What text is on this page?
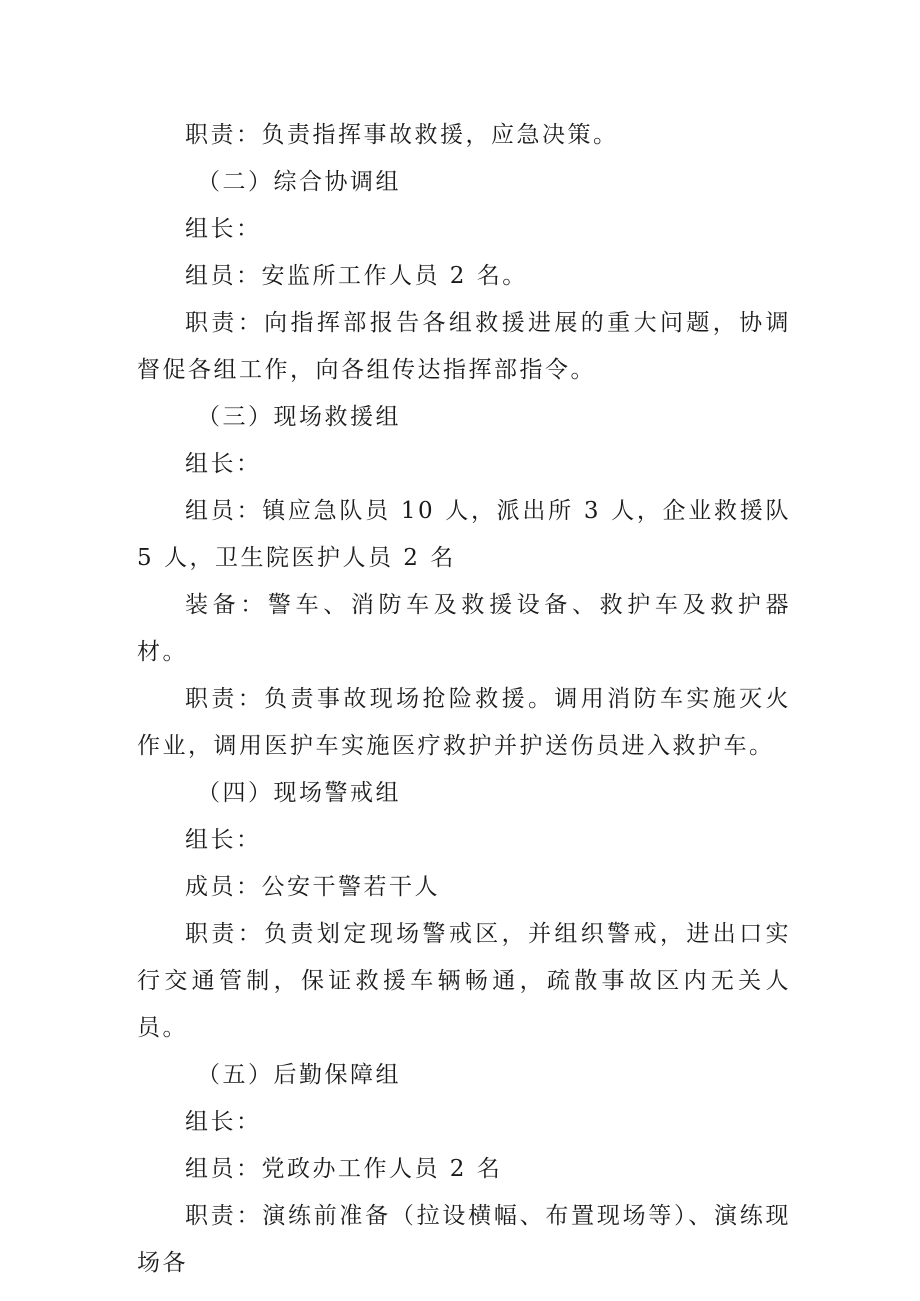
职责：负责指挥事故救援，应急决策。

（二）综合协调组

组长：

组员：安监所工作人员 2 名。

职责：向指挥部报告各组救援进展的重大问题，协调督促各组工作，向各组传达指挥部指令。

（三）现场救援组

组长：

组员：镇应急队员 10 人，派出所 3 人，企业救援队 5 人，卫生院医护人员 2 名

装备：警车、消防车及救援设备、救护车及救护器材。

职责：负责事故现场抢险救援。调用消防车实施灭火作业，调用医护车实施医疗救护并护送伤员进入救护车。

（四）现场警戒组

组长：

成员：公安干警若干人

职责：负责划定现场警戒区，并组织警戒，进出口实行交通管制，保证救援车辆畅通，疏散事故区内无关人员。

（五）后勤保障组

组长：

组员：党政办工作人员 2 名

职责：演练前准备（拉设横幅、布置现场等）、演练现场各
